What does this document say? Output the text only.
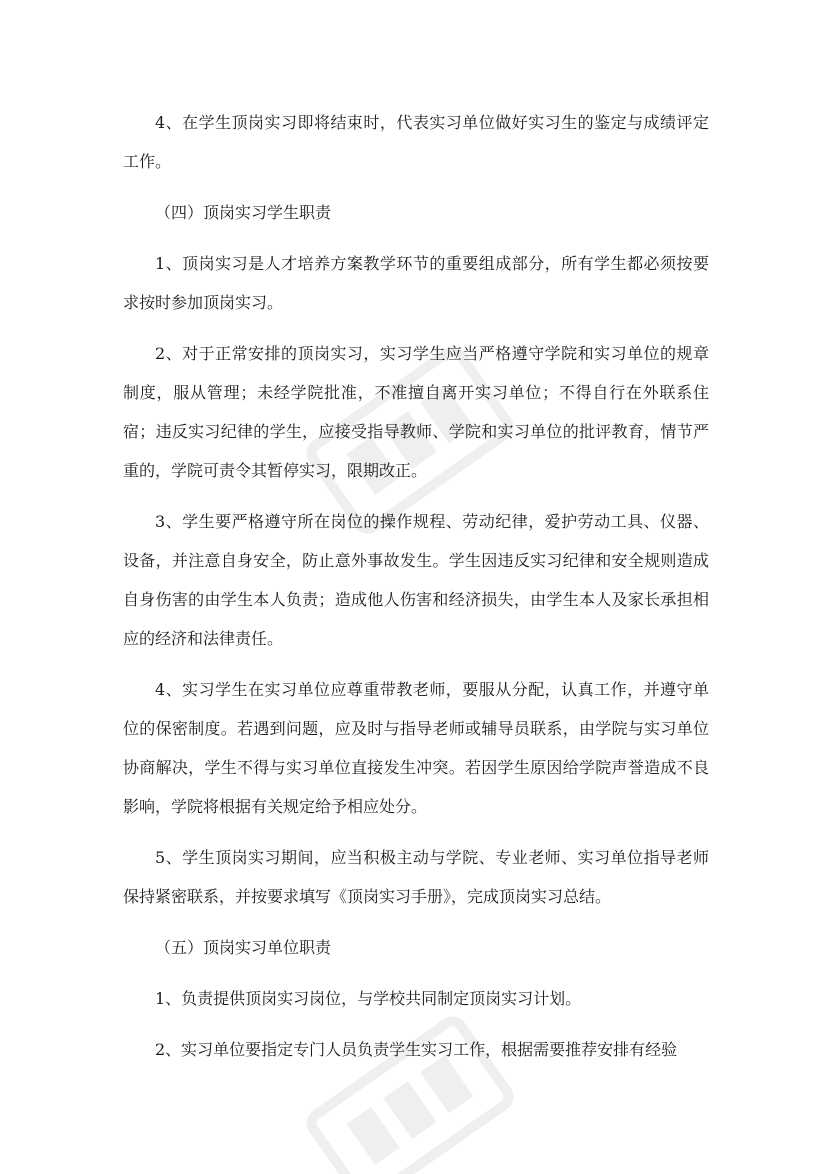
4、在学生顶岗实习即将结束时，代表实习单位做好实习生的鉴定与成绩评定工作。

（四）顶岗实习学生职责

1、顶岗实习是人才培养方案教学环节的重要组成部分，所有学生都必须按要求按时参加顶岗实习。

2、对于正常安排的顶岗实习，实习学生应当严格遵守学院和实习单位的规章制度，服从管理；未经学院批准，不准擅自离开实习单位；不得自行在外联系住宿；违反实习纪律的学生，应接受指导教师、学院和实习单位的批评教育，情节严重的，学院可责令其暂停实习，限期改正。

3、学生要严格遵守所在岗位的操作规程、劳动纪律，爱护劳动工具、仪器、设备，并注意自身安全，防止意外事故发生。学生因违反实习纪律和安全规则造成自身伤害的由学生本人负责；造成他人伤害和经济损失，由学生本人及家长承担相应的经济和法律责任。

4、实习学生在实习单位应尊重带教老师，要服从分配，认真工作，并遵守单位的保密制度。若遇到问题，应及时与指导老师或辅导员联系，由学院与实习单位协商解决，学生不得与实习单位直接发生冲突。若因学生原因给学院声誉造成不良影响，学院将根据有关规定给予相应处分。

5、学生顶岗实习期间，应当积极主动与学院、专业老师、实习单位指导老师保持紧密联系，并按要求填写《顶岗实习手册》，完成顶岗实习总结。

（五）顶岗实习单位职责

1、负责提供顶岗实习岗位，与学校共同制定顶岗实习计划。

2、实习单位要指定专门人员负责学生实习工作，根据需要推荐安排有经验
